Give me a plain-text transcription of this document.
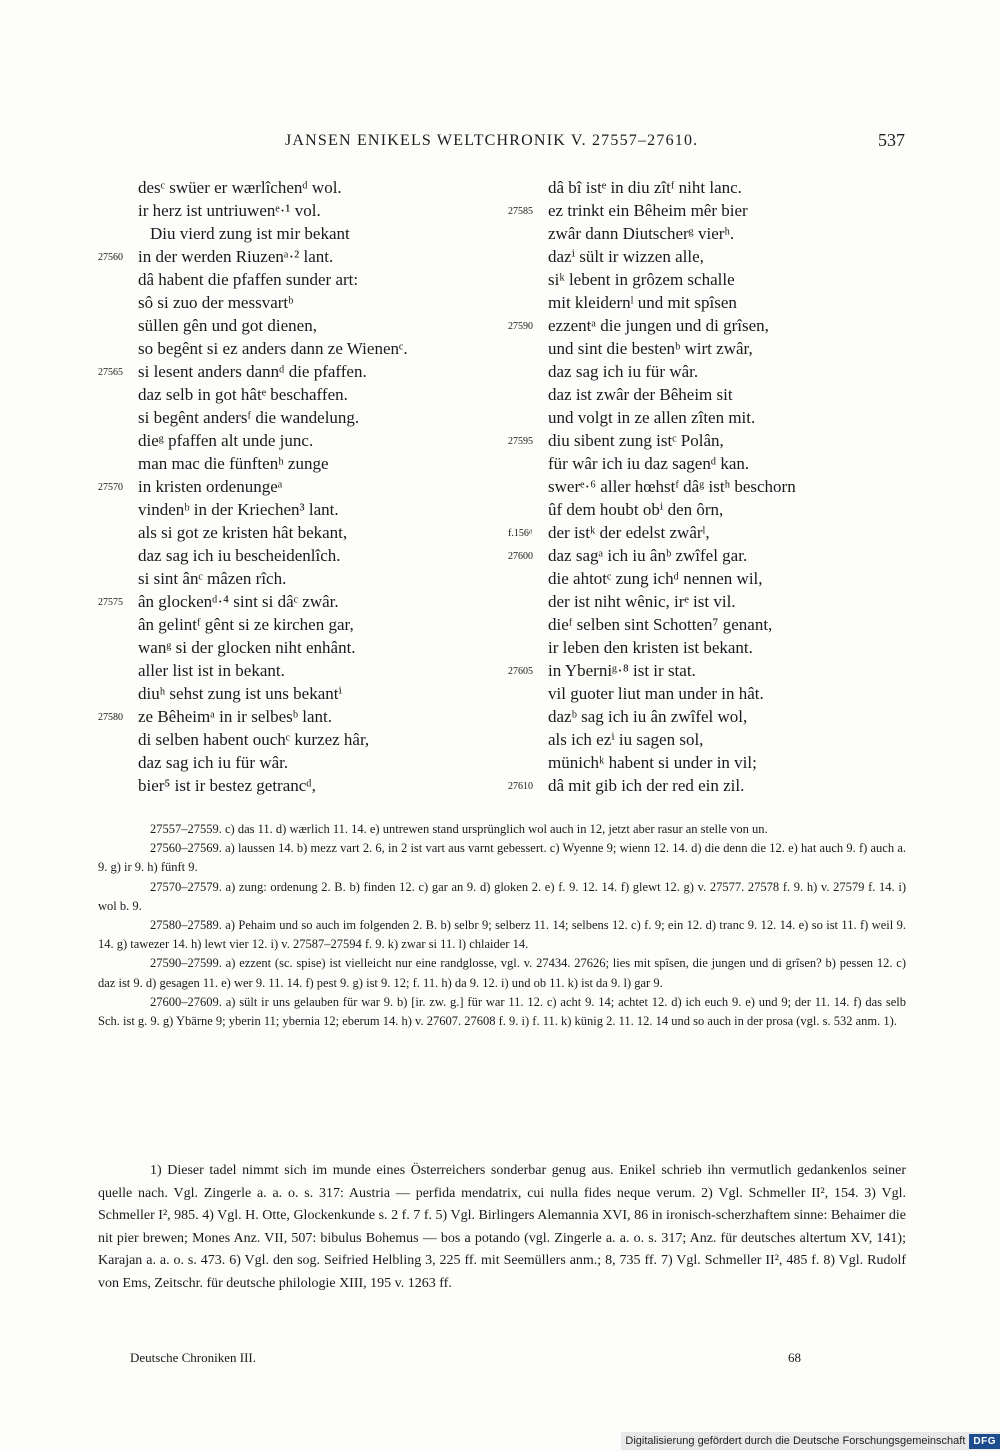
JANSEN ENIKELS WELTCHRONIK V. 27557–27610.	537
desᶜ swüer er wærlîchenᵈ wol.
ir herz ist untriuwenᵉ·¹ vol.
Diu vierd zung ist mir bekant
27560 in der werden Riuzenᵃ·² lant.
dâ habent die pfaffen sunder art:
sô si zuo der messvartᵇ
süllen gên und got dienen,
so begênt si ez anders dann ze Wienenᶜ.
27565 si lesent anders dannᵈ die pfaffen.
daz selb in got hâtᵉ beschaffen.
si begênt andersᶠ die wandelung.
dieᵍ pfaffen alt unde junc.
man mac die fünftenʰ zunge
27570 in kristen ordenungeᵃ
vindenᵇ in der Kriechen³ lant.
als si got ze kristen hât bekant,
daz sag ich iu bescheidenlîch.
si sint ânᶜ mâzen rîch.
27575 ân glockenᵈ·⁴ sint si dâᶜ zwâr.
ân gelintᶠ gênt si ze kirchen gar,
wanᵍ si der glocken niht enhânt.
aller list ist in bekant.
diuʰ sehst zung ist uns bekantⁱ
27580 ze Bêheimᵃ in ir selbesᵇ lant.
di selben habent ouchᶜ kurzez hâr,
daz sag ich iu für wâr.
bier⁵ ist ir bestez getrancᵈ,
dâ bî istᵉ in diu zîtᶠ niht lanc.
27585 ez trinkt ein Bêheim mêr bier
zwâr dann Diutscherᵍ vierʰ.
dazⁱ sült ir wizzen alle,
siᵏ lebent in grôzem schalle
mit kleidernˡ und mit spîsen
27590 ezzentᵃ die jungen und di grîsen,
und sint die bestenᵇ wirt zwâr,
daz sag ich iu für wâr.
daz ist zwâr der Bêheim sit
und volgt in ze allen zîten mit.
27595 diu sibent zung istᶜ Polân,
für wâr ich iu daz sagenᵈ kan.
swerᵉ·⁶ aller hœhstᶠ dâᵍ istʰ beschorn
ûf dem houbt obⁱ den ôrn,
f.156ᵈ der istᵏ der edelst zwârˡ,
27600 daz sagᵃ ich iu ânᵇ zwîfel gar.
die ahtotᶜ zung ichᵈ nennen wil,
der ist niht wênic, irᵉ ist vil.
dieᶠ selben sint Schotten⁷ genant,
ir leben den kristen ist bekant.
27605 in Yberniᵍ·⁸ ist ir stat.
vil guoter liut man under in hât.
dazᵇ sag ich iu ân zwîfel wol,
als ich ezⁱ iu sagen sol,
münichᵏ habent si under in vil;
27610 dâ mit gib ich der red ein zil.

27557–27559. c) das 11. d) wærlich 11. 14. e) untrewen stand ursprünglich wol auch in 12, jetzt aber rasur an stelle von un.

27560–27569. a) laussen 14. b) mezz vart 2. 6, in 2 ist vart aus varnt gebessert. c) Wyenne 9; wienn 12. 14. d) die denn die 12. e) hat auch 9. f) auch a. 9. g) ir 9. h) fünft 9.

27570–27579. a) zung: ordenung 2. B. b) finden 12. c) gar an 9. d) gloken 2. e) f. 9. 12. 14. f) glewt 12. g) v. 27577. 27578 f. 9. h) v. 27579 f. 14. i) wol b. 9.

27580–27589. a) Pehaim und so auch im folgenden 2. B. b) selbr 9; selberz 11. 14; selbens 12. c) f. 9; ein 12. d) tranc 9. 12. 14. e) so ist 11. f) weil 9. 14. g) tawezer 14. h) lewt vier 12. i) v. 27587–27594 f. 9. k) zwar si 11. l) chlaider 14.

27590–27599. a) ezzent (sc. spise) ist vielleicht nur eine randglosse, vgl. v. 27434. 27626; lies mit spîsen, die jungen und di grîsen? b) pessen 12. c) daz ist 9. d) gesagen 11. e) wer 9. 11. 14. f) pest 9. g) ist 9. 12; f. 11. h) da 9. 12. i) und ob 11. k) ist da 9. l) gar 9.

27600–27609. a) sült ir uns gelauben für war 9. b) [ir. zw. g.] für war 11. 12. c) acht 9. 14; achtet 12. d) ich euch 9. e) und 9; der 11. 14. f) das selb Sch. ist g. 9. g) Ybärne 9; yberin 11; ybernia 12; eberum 14. h) v. 27607. 27608 f. 9. i) f. 11. k) künig 2. 11. 12. 14 und so auch in der prosa (vgl. s. 532 anm. 1).

1) Dieser tadel nimmt sich im munde eines Österreichers sonderbar genug aus. Enikel schrieb ihn vermutlich gedankenlos seiner quelle nach. Vgl. Zingerle a. a. o. s. 317: Austria — perfida mendatrix, cui nulla fides neque verum. 2) Vgl. Schmeller II², 154. 3) Vgl. Schmeller I², 985. 4) Vgl. H. Otte, Glockenkunde s. 2 f. 7 f. 5) Vgl. Birlingers Alemannia XVI, 86 in ironisch-scherzhaftem sinne: Behaimer die nit pier brewen; Mones Anz. VII, 507: bibulus Bohemus — bos a potando (vgl. Zingerle a. a. o. s. 317; Anz. für deutsches altertum XV, 141); Karajan a. a. o. s. 473. 6) Vgl. den sog. Seifried Helbling 3, 225 ff. mit Seemüllers anm.; 8, 735 ff. 7) Vgl. Schmeller II², 485 f. 8) Vgl. Rudolf von Ems, Zeitschr. für deutsche philologie XIII, 195 v. 1263 ff.

Deutsche Chroniken III.	68
Digitalisierung gefördert durch die Deutsche Forschungsgemeinschaft DFG
